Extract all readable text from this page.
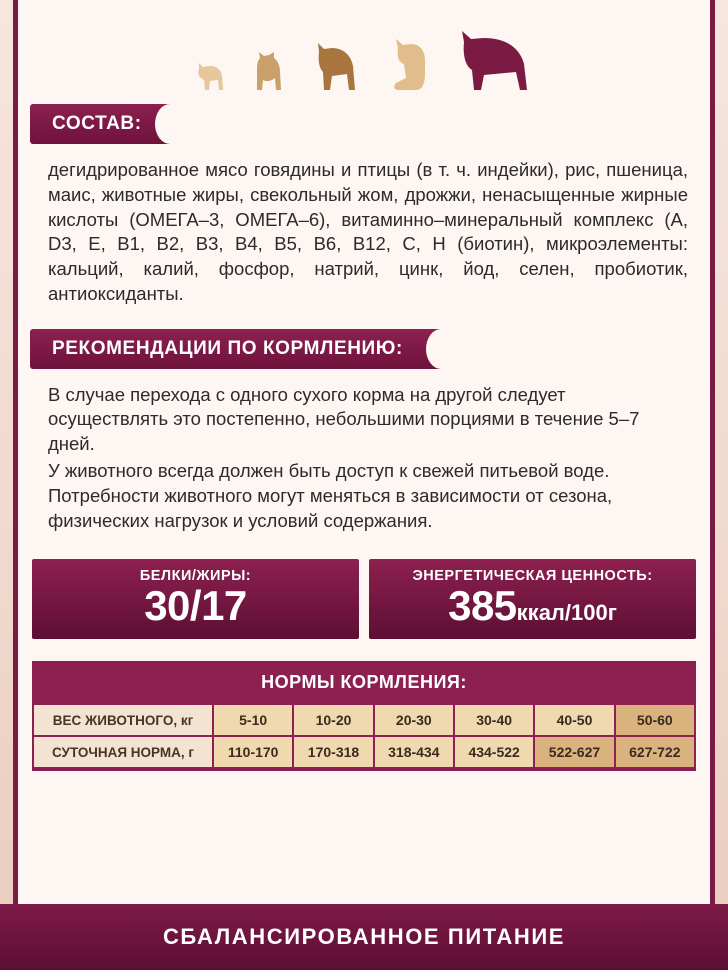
СОСТАВ:
дегидрированное мясо говядины и птицы (в т. ч. индейки), рис, пшеница, маис, животные жиры, свекольный жом, дрожжи, ненасыщенные жирные кислоты (ОМЕГА–3, ОМЕГА–6), витаминно–минеральный комплекс (А, D3, Е, В1, В2, В3, В4, В5, В6, В12, С, Н (биотин), микроэлементы: кальций, калий, фосфор, натрий, цинк, йод, селен, пробиотик, антиоксиданты.
РЕКОМЕНДАЦИИ ПО КОРМЛЕНИЮ:

В случае перехода с одного сухого корма на другой следует осуществлять это постепенно, небольшими порциями в течение 5–7 дней.

У животного всегда должен быть доступ к свежей питьевой воде. Потребности животного могут меняться в зависимости от сезона, физических нагрузок и условий содержания.

БЕЛКИ/ЖИРЫ:
30/17
ЭНЕРГЕТИЧЕСКАЯ ЦЕННОСТЬ:
385ккал/100г
НОРМЫ КОРМЛЕНИЯ:
ВЕС ЖИВОТНОГО, кг	5-10	10-20	20-30	30-40	40-50	50-60
СУТОЧНАЯ НОРМА, г	110-170	170-318	318-434	434-522	522-627	627-722
СБАЛАНСИРОВАННОЕ ПИТАНИЕ
